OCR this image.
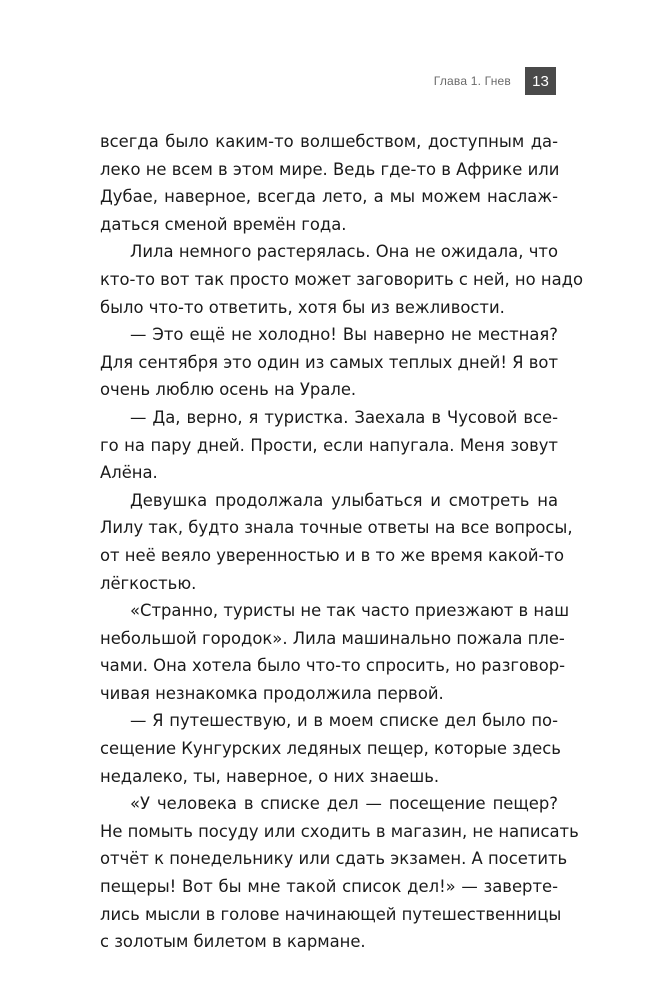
Глава 1. Гнев	13

всегда было каким-то волшебством, доступным да-
леко не всем в этом мире. Ведь где-то в Африке или
Дубае, наверное, всегда лето, а мы можем наслаж-
даться сменой времён года.

Лила немного растерялась. Она не ожидала, что
кто-то вот так просто может заговорить с ней, но надо
было что-то ответить, хотя бы из вежливости.

— Это ещё не холодно! Вы наверно не местная?
Для сентября это один из самых теплых дней! Я вот
очень люблю осень на Урале.

— Да, верно, я туристка. Заехала в Чусовой все-
го на пару дней. Прости, если напугала. Меня зовут
Алёна.

Девушка продолжала улыбаться и смотреть на
Лилу так, будто знала точные ответы на все вопросы,
от неё веяло уверенностью и в то же время какой-то
лёгкостью.

«Странно, туристы не так часто приезжают в наш
небольшой городок». Лила машинально пожала пле-
чами. Она хотела было что-то спросить, но разговор-
чивая незнакомка продолжила первой.

— Я путешествую, и в моем списке дел было по-
сещение Кунгурских ледяных пещер, которые здесь
недалеко, ты, наверное, о них знаешь.

«У человека в списке дел — посещение пещер?
Не помыть посуду или сходить в магазин, не написать
отчёт к понедельнику или сдать экзамен. А посетить
пещеры! Вот бы мне такой список дел!» — заверте-
лись мысли в голове начинающей путешественницы
с золотым билетом в кармане.
